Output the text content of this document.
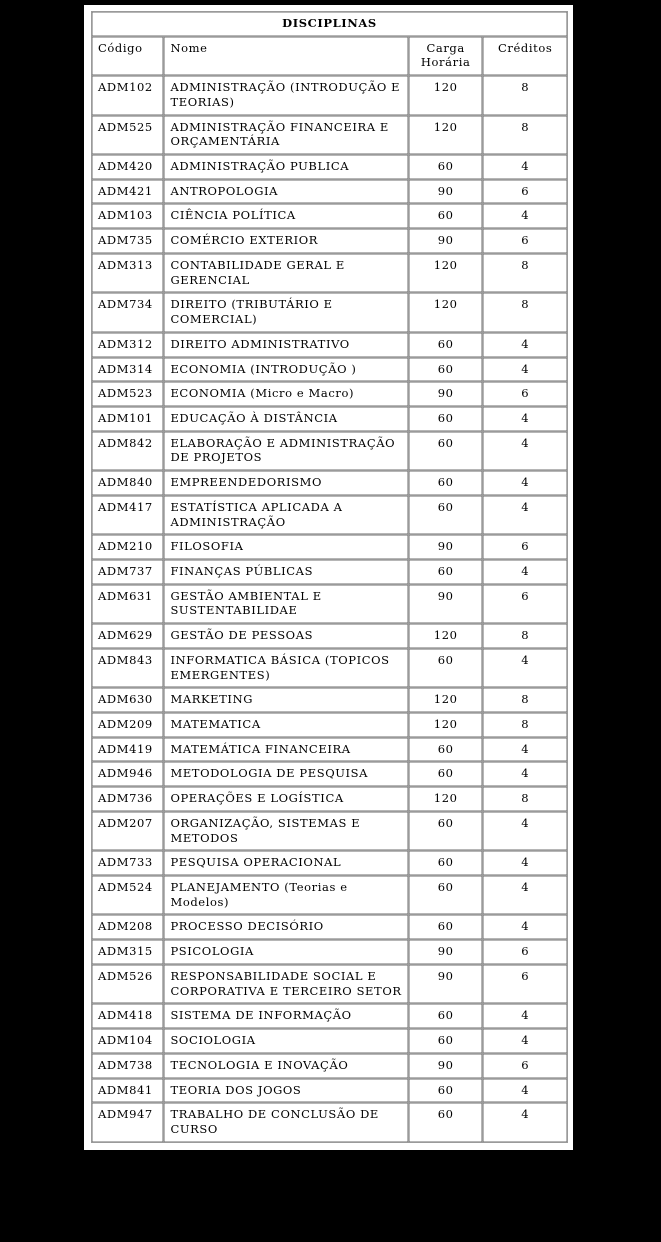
DISCIPLINAS			
Código	Nome	Carga Horária	Créditos
ADM102	ADMINISTRAÇÃO (INTRODUÇÃO E TEORIAS)	120	8
ADM525	ADMINISTRAÇÃO FINANCEIRA E ORÇAMENTÁRIA	120	8
ADM420	ADMINISTRAÇÃO PUBLICA	60	4
ADM421	ANTROPOLOGIA	90	6
ADM103	CIÊNCIA POLÍTICA	60	4
ADM735	COMÉRCIO EXTERIOR	90	6
ADM313	CONTABILIDADE GERAL E GERENCIAL	120	8
ADM734	DIREITO (TRIBUTÁRIO E COMERCIAL)	120	8
ADM312	DIREITO ADMINISTRATIVO	60	4
ADM314	ECONOMIA (INTRODUÇÃO )	60	4
ADM523	ECONOMIA (Micro e Macro)	90	6
ADM101	EDUCAÇÃO À DISTÂNCIA	60	4
ADM842	ELABORAÇÃO E ADMINISTRAÇÃO DE PROJETOS	60	4
ADM840	EMPREENDEDORISMO	60	4
ADM417	ESTATÍSTICA APLICADA A ADMINISTRAÇÃO	60	4
ADM210	FILOSOFIA	90	6
ADM737	FINANÇAS PÚBLICAS	60	4
ADM631	GESTÃO AMBIENTAL E SUSTENTABILIDAE	90	6
ADM629	GESTÃO DE PESSOAS	120	8
ADM843	INFORMATICA BÁSICA (TOPICOS EMERGENTES)	60	4
ADM630	MARKETING	120	8
ADM209	MATEMATICA	120	8
ADM419	MATEMÁTICA FINANCEIRA	60	4
ADM946	METODOLOGIA DE PESQUISA	60	4
ADM736	OPERAÇÕES E LOGÍSTICA	120	8
ADM207	ORGANIZAÇÃO, SISTEMAS E METODOS	60	4
ADM733	PESQUISA OPERACIONAL	60	4
ADM524	PLANEJAMENTO (Teorias e Modelos)	60	4
ADM208	PROCESSO DECISÓRIO	60	4
ADM315	PSICOLOGIA	90	6
ADM526	RESPONSABILIDADE SOCIAL E CORPORATIVA E TERCEIRO SETOR	90	6
ADM418	SISTEMA DE INFORMAÇÃO	60	4
ADM104	SOCIOLOGIA	60	4
ADM738	TECNOLOGIA E INOVAÇÃO	90	6
ADM841	TEORIA DOS JOGOS	60	4
ADM947	TRABALHO DE CONCLUSÃO DE CURSO	60	4
